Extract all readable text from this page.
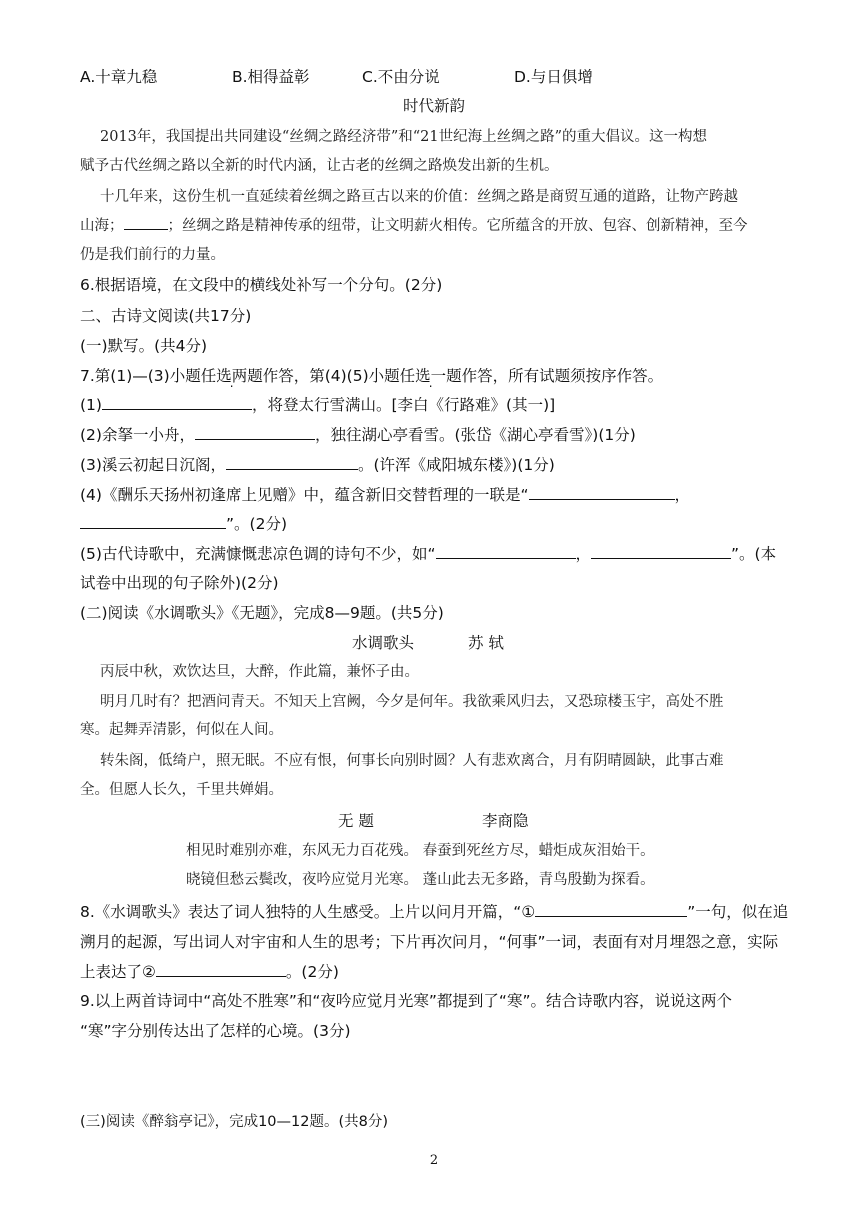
A.十章九稳	B.相得益彰	C.不由分说	D.与日俱增
时代新韵
2013年，我国提出共同建设“丝绸之路经济带”和“21世纪海上丝绸之路”的重大倡议。这一构想
赋予古代丝绸之路以全新的时代内涵，让古老的丝绸之路焕发出新的生机。
十几年来，这份生机一直延续着丝绸之路亘古以来的价值：丝绸之路是商贸互通的道路，让物产跨越
山海；	；丝绸之路是精神传承的纽带，让文明薪火相传。它所蕴含的开放、包容、创新精神，至今
仍是我们前行的力量。
6.根据语境，在文段中的横线处补写一个分句。(2分)
二、古诗文阅读(共17分)
(一)默写。(共4分)
7.第(1)—(3)小题任选两题作答，第(4)(5)小题任选一题作答，所有试题须按序作答。
(1)	，将登太行雪满山。[李白《行路难》(其一)]
(2)余拏一小舟，	，独往湖心亭看雪。(张岱《湖心亭看雪》)(1分)
(3)溪云初起日沉阁，	。(许浑《咸阳城东楼》)(1分)
(4)《酬乐天扬州初逢席上见赠》中，蕴含新旧交替哲理的一联是“	，
”。(2分)
(5)古代诗歌中，充满慷慨悲凉色调的诗句不少，如“	，	”。(本
试卷中出现的句子除外)(2分)
(二)阅读《水调歌头》《无题》，完成8—9题。(共5分)
水调歌头	苏 轼
丙辰中秋，欢饮达旦，大醉，作此篇，兼怀子由。
明月几时有？把酒问青天。不知天上宫阙，今夕是何年。我欲乘风归去，又恐琼楼玉宇，高处不胜
寒。起舞弄清影，何似在人间。
转朱阁，低绮户，照无眠。不应有恨，何事长向别时圆？人有悲欢离合，月有阴晴圆缺，此事古难
全。但愿人长久，千里共婵娟。
无 题	李商隐
相见时难别亦难，东风无力百花残。 春蚕到死丝方尽，蜡炬成灰泪始干。
晓镜但愁云鬓改，夜吟应觉月光寒。 蓬山此去无多路，青鸟殷勤为探看。
8.《水调歌头》表达了词人独特的人生感受。上片以问月开篇，“①	”一句，似在追
溯月的起源，写出词人对宇宙和人生的思考；下片再次问月，“何事”一词，表面有对月埋怨之意，实际
上表达了②	。(2分)
9.以上两首诗词中“高处不胜寒”和“夜吟应觉月光寒”都提到了“寒”。结合诗歌内容，说说这两个
“寒”字分别传达出了怎样的心境。(3分)
(三)阅读《醉翁亭记》，完成10—12题。(共8分)
2
